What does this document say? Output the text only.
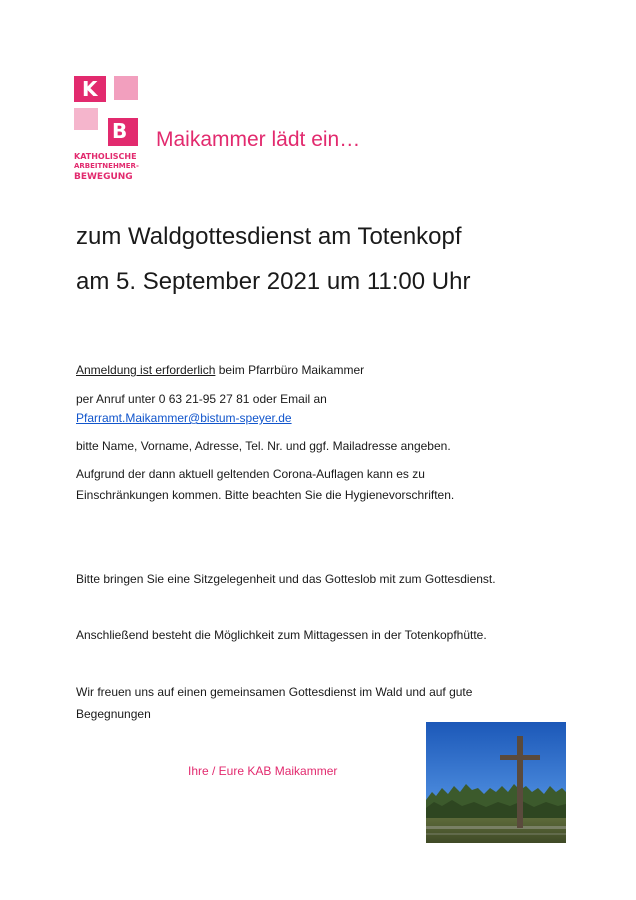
K
B
KATHOLISCHE
ARBEITNEHMER-
BEWEGUNG
Maikammer lädt ein…
zum Waldgottesdienst am Totenkopf
am 5. September 2021 um 11:00 Uhr
Anmeldung ist erforderlich beim Pfarrbüro Maikammer
per Anruf unter 0 63 21-95 27 81 oder Email an
Pfarramt.Maikammer@bistum-speyer.de
bitte Name, Vorname, Adresse, Tel. Nr. und ggf. Mailadresse angeben.
Aufgrund der dann aktuell geltenden Corona-Auflagen kann es zu
Einschränkungen kommen. Bitte beachten Sie die Hygienevorschriften.
Bitte bringen Sie eine Sitzgelegenheit und das Gotteslob mit zum Gottesdienst.
Anschließend besteht die Möglichkeit zum Mittagessen in der Totenkopfhütte.
Wir freuen uns auf einen gemeinsamen Gottesdienst im Wald und auf gute
Begegnungen
Ihre / Eure KAB Maikammer
